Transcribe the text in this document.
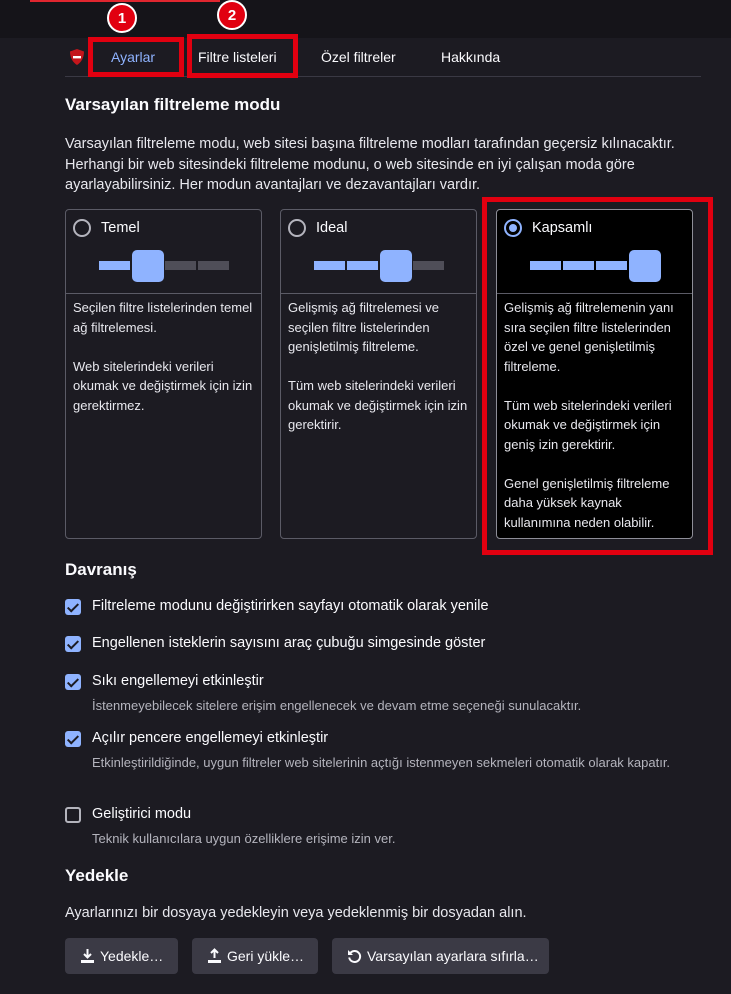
Ayarlar	Filtre listeleri	Özel filtreler	Hakkında
1	2
Varsayılan filtreleme modu
Varsayılan filtreleme modu, web sitesi başına filtreleme modları tarafından geçersiz kılınacaktır. Herhangi bir web sitesindeki filtreleme modunu, o web sitesinde en iyi çalışan moda göre ayarlayabilirsiniz. Her modun avantajları ve dezavantajları vardır.
Temel

Seçilen filtre listelerinden temel ağ filtrelemesi.

Web sitelerindeki verileri okumak ve değiştirmek için izin gerektirmez.

Ideal

Gelişmiş ağ filtrelemesi ve seçilen filtre listelerinden genişletilmiş filtreleme.

Tüm web sitelerindeki verileri okumak ve değiştirmek için izin gerektirir.

Kapsamlı

Gelişmiş ağ filtrelemenin yanı sıra seçilen filtre listelerinden özel ve genel genişletilmiş filtreleme.

Tüm web sitelerindeki verileri okumak ve değiştirmek için geniş izin gerektirir.

Genel genişletilmiş filtreleme daha yüksek kaynak kullanımına neden olabilir.

Davranış
Filtreleme modunu değiştirirken sayfayı otomatik olarak yenile
Engellenen isteklerin sayısını araç çubuğu simgesinde göster
Sıkı engellemeyi etkinleştir
İstenmeyebilecek sitelere erişim engellenecek ve devam etme seçeneği sunulacaktır.
Açılır pencere engellemeyi etkinleştir
Etkinleştirildiğinde, uygun filtreler web sitelerinin açtığı istenmeyen sekmeleri otomatik olarak kapatır.
Geliştirici modu
Teknik kullanıcılara uygun özelliklere erişime izin ver.
Yedekle
Ayarlarınızı bir dosyaya yedekleyin veya yedeklenmiş bir dosyadan alın.
Yedekle…	Geri yükle…	Varsayılan ayarlara sıfırla…
